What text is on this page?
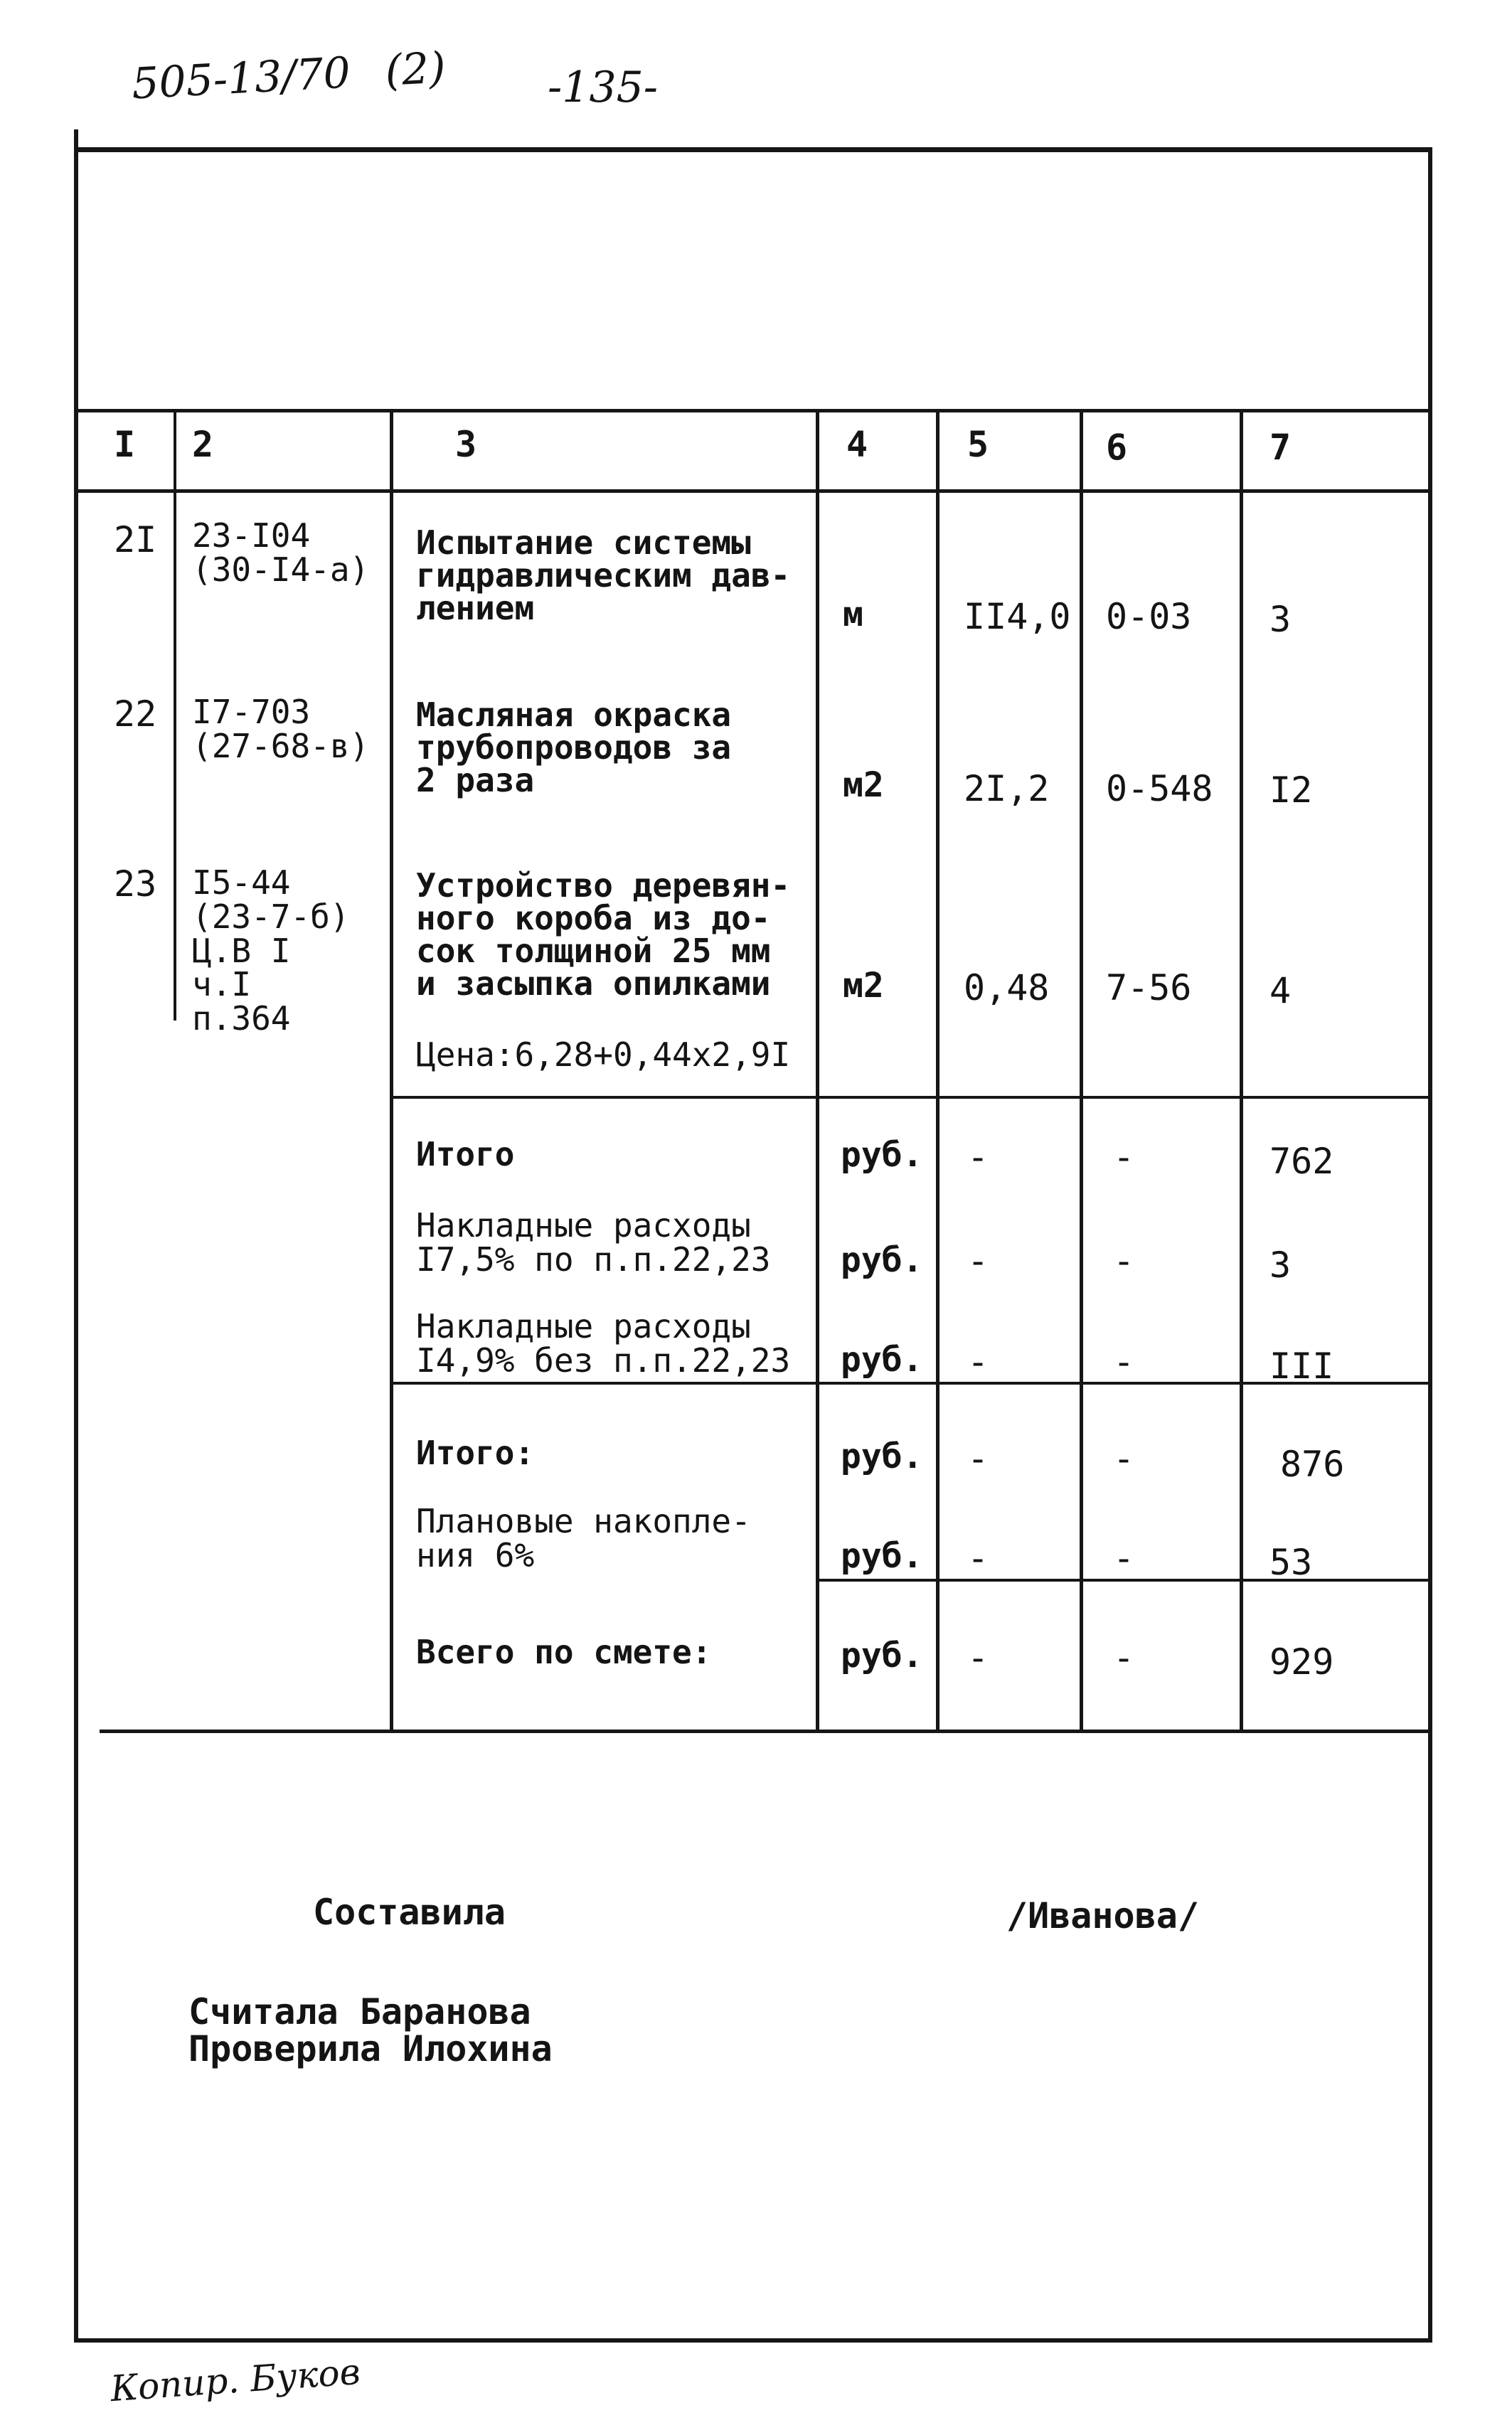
505-13/70 (2) -135-
I 2	3	4	5	6	7
2I 23-I04
(30-I4-а)
Испытание системы
гидравлическим дав-
лением	м	II4,0 0-03 3
22 I7-703
(27-68-в)
Масляная окраска
трубопроводов за
2 раза	м2 2I,2 0-548 I2
23 I5-44
(23-7-б)
Ц.В I
ч.I
п.364
Устройство деревян-
ного короба из до-
сок толщиной 25 мм
и засыпка опилками
Цена:6,28+0,44х2,9I
м2 0,48 7-56 4
Итого	руб. -	-	762
Накладные расходы
I7,5% по п.п.22,23 руб. -	-	3
Накладные расходы
I4,9% без п.п.22,23 руб. -	-	III
Итого:	руб. -	-	876
Плановые накопле-
ния 6%	руб. -	-	53
Всего по смете:	руб. -	-	929
Составила	/Иванова/
Считала Баранова
Проверила Илохина
Копир. Буков
